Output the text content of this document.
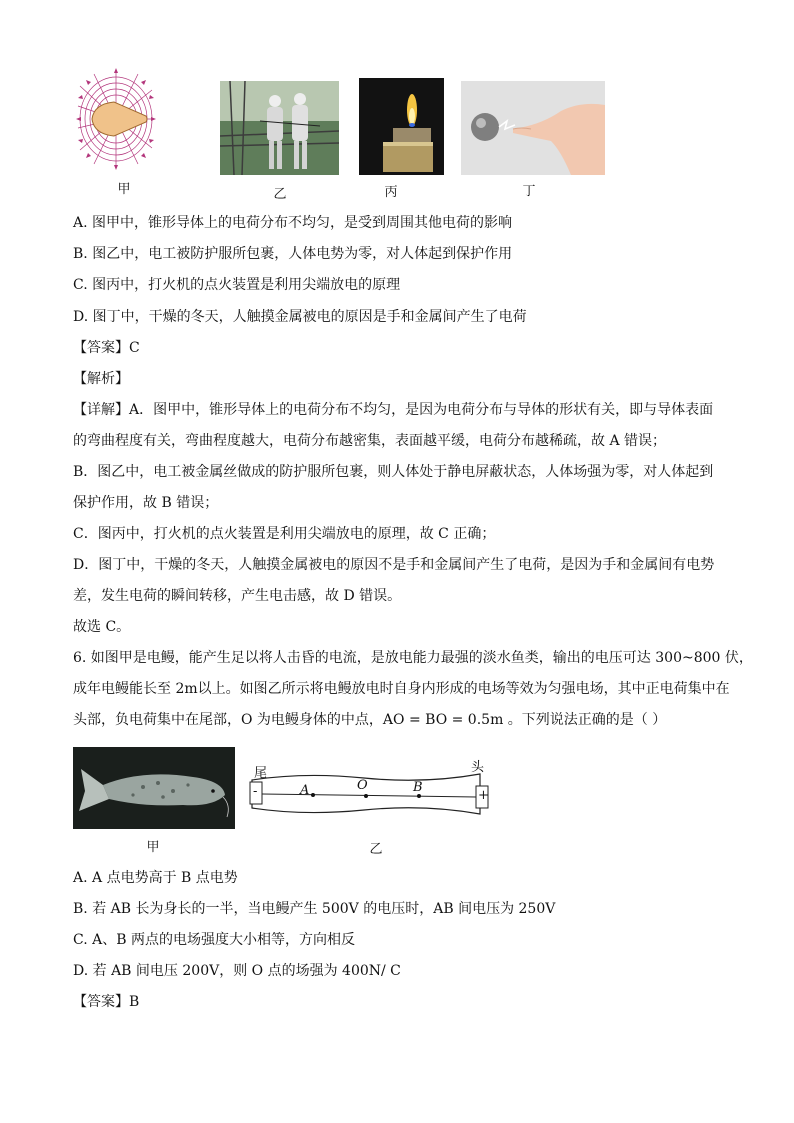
甲	乙	丙	丁
A. 图甲中，锥形导体上的电荷分布不均匀，是受到周围其他电荷的影响
B. 图乙中，电工被防护服所包裹，人体电势为零，对人体起到保护作用
C. 图丙中，打火机的点火装置是利用尖端放电的原理
D. 图丁中，干燥的冬天，人触摸金属被电的原因是手和金属间产生了电荷
【答案】C
【解析】
【详解】A．图甲中，锥形导体上的电荷分布不均匀，是因为电荷分布与导体的形状有关，即与导体表面
的弯曲程度有关，弯曲程度越大，电荷分布越密集，表面越平缓，电荷分布越稀疏，故 A 错误；
B．图乙中，电工被金属丝做成的防护服所包裹，则人体处于静电屏蔽状态，人体场强为零，对人体起到
保护作用，故 B 错误；
C．图丙中，打火机的点火装置是利用尖端放电的原理，故 C 正确；
D．图丁中，干燥的冬天，人触摸金属被电的原因不是手和金属间产生了电荷，是因为手和金属间有电势
差，发生电荷的瞬间转移，产生电击感，故 D 错误。
故选 C。
6. 如图甲是电鳗，能产生足以将人击昏的电流，是放电能力最强的淡水鱼类，输出的电压可达 300~800 伏，
成年电鳗能长至 2m以上。如图乙所示将电鳗放电时自身内形成的电场等效为匀强电场，其中正电荷集中在
头部，负电荷集中在尾部，O 为电鳗身体的中点，AO = BO = 0.5m 。下列说法正确的是（ ）
甲
尾	头
-	+
A	O	B
乙
A. A 点电势高于 B 点电势
B. 若 AB 长为身长的一半，当电鳗产生 500V 的电压时，AB 间电压为 250V
C. A、B 两点的电场强度大小相等，方向相反
D. 若 AB 间电压 200V，则 O 点的场强为 400N/ C
【答案】B
